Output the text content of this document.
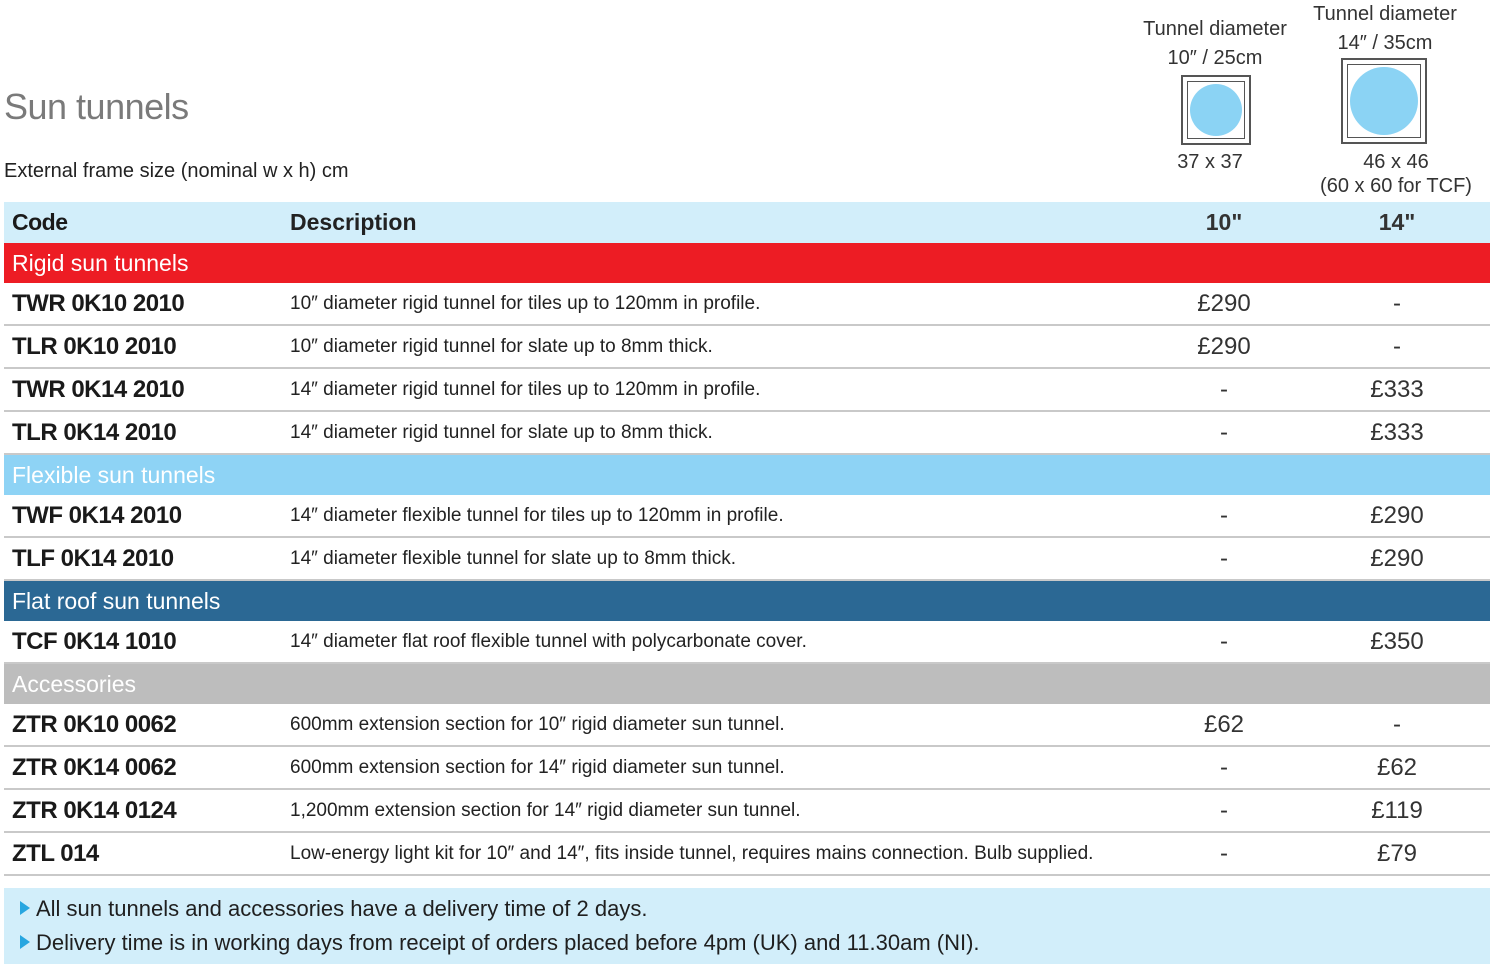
Sun tunnels
External frame size (nominal w x h) cm
Tunnel diameter
10″ / 25cm
37 x 37
Tunnel diameter
14″ / 35cm
46 x 46
(60 x 60 for TCF)
Code	Description	10"	14"
Rigid sun tunnels			
TWR 0K10 2010	10″ diameter rigid tunnel for tiles up to 120mm in profile.	£290	-
TLR 0K10 2010	10″ diameter rigid tunnel for slate up to 8mm thick.	£290	-
TWR 0K14 2010	14″ diameter rigid tunnel for tiles up to 120mm in profile.	-	£333
TLR 0K14 2010	14″ diameter rigid tunnel for slate up to 8mm thick.	-	£333
Flexible sun tunnels			
TWF 0K14 2010	14″ diameter flexible tunnel for tiles up to 120mm in profile.	-	£290
TLF 0K14 2010	14″ diameter flexible tunnel for slate up to 8mm thick.	-	£290
Flat roof sun tunnels			
TCF 0K14 1010	14″ diameter flat roof flexible tunnel with polycarbonate cover.	-	£350
Accessories			
ZTR 0K10 0062	600mm extension section for 10″ rigid diameter sun tunnel.	£62	-
ZTR 0K14 0062	600mm extension section for 14″ rigid diameter sun tunnel.	-	£62
ZTR 0K14 0124	1,200mm extension section for 14″ rigid diameter sun tunnel.	-	£119
ZTL 014	Low-energy light kit for 10″ and 14″, fits inside tunnel, requires mains connection. Bulb supplied.	-	£79
All sun tunnels and accessories have a delivery time of 2 days.
Delivery time is in working days from receipt of orders placed before 4pm (UK) and 11.30am (NI).
